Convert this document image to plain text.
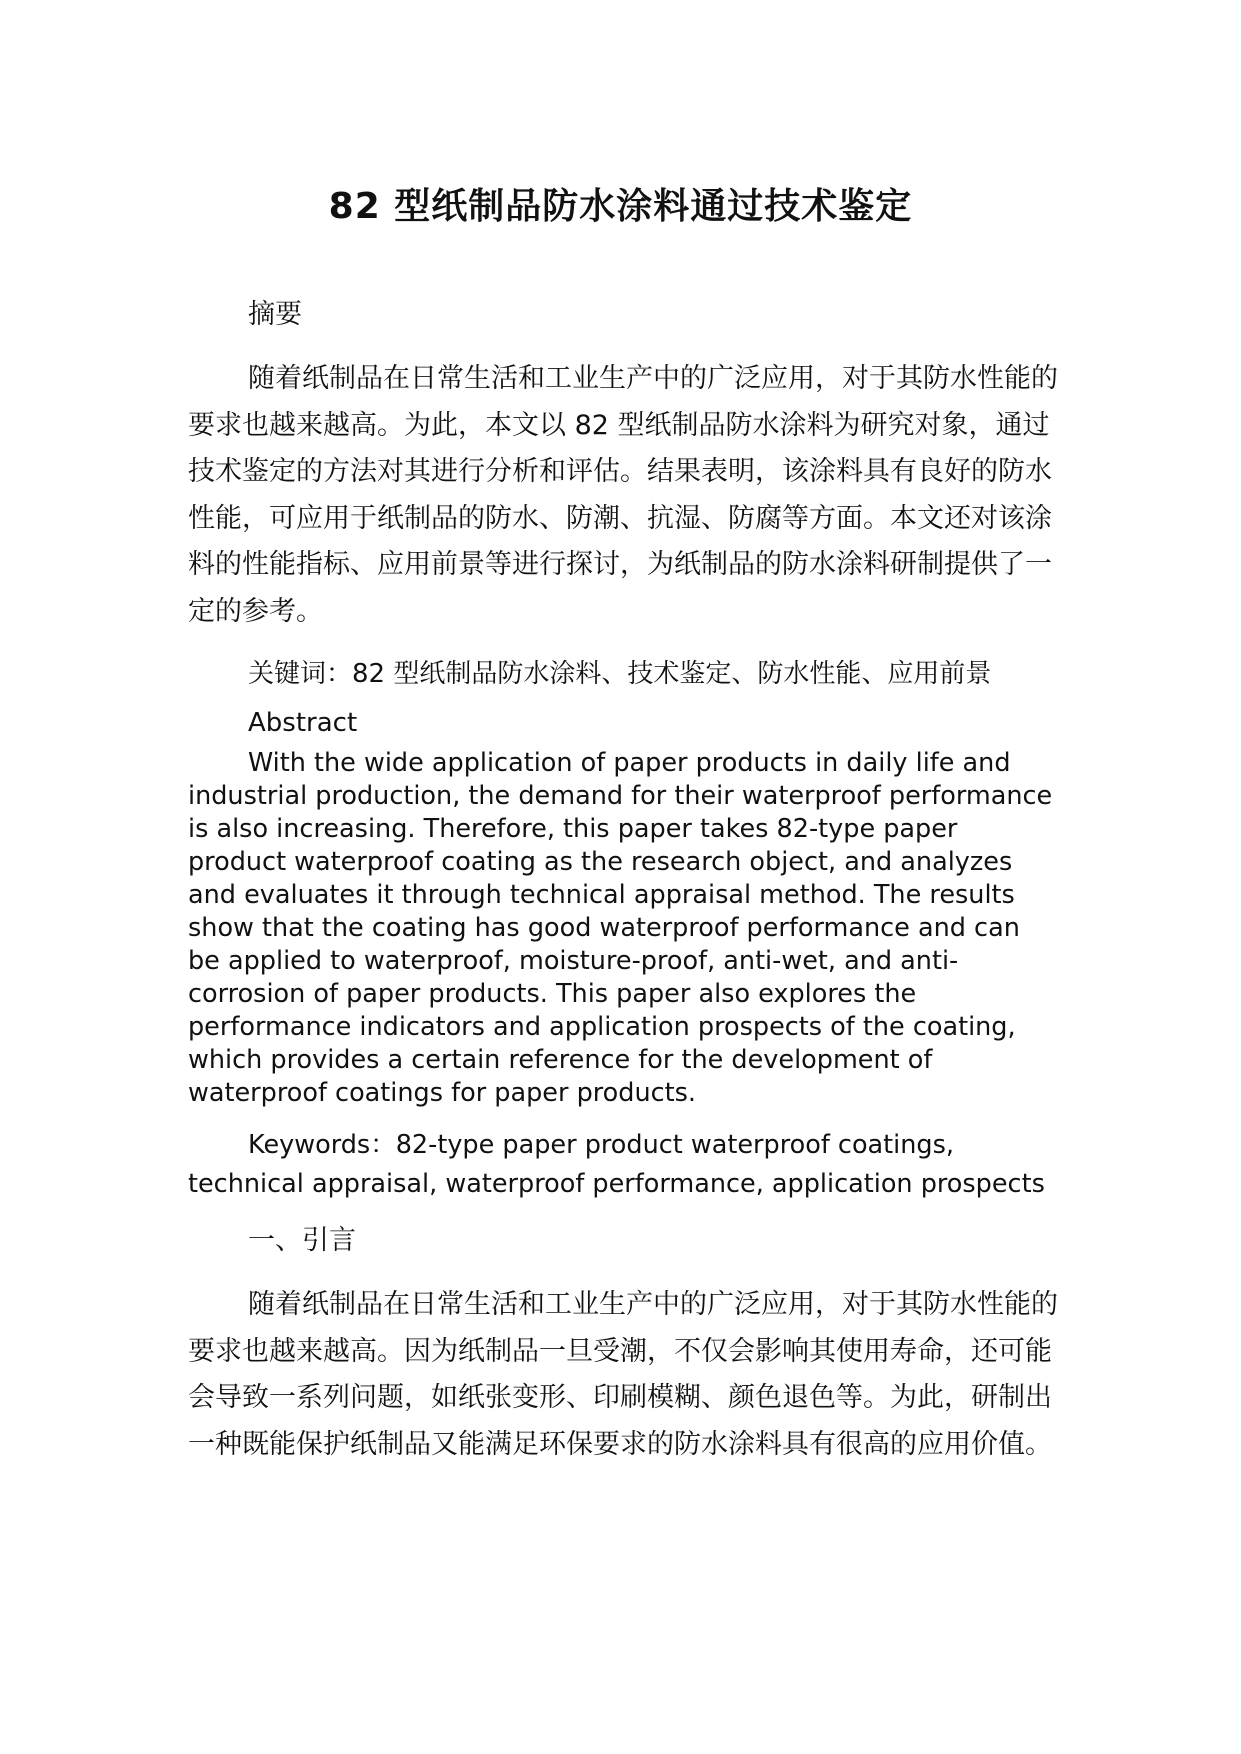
82 型纸制品防水涂料通过技术鉴定

摘要

随着纸制品在日常生活和工业生产中的广泛应用，对于其防水性能的要求也越来越高。为此，本文以 82 型纸制品防水涂料为研究对象，通过技术鉴定的方法对其进行分析和评估。结果表明，该涂料具有良好的防水性能，可应用于纸制品的防水、防潮、抗湿、防腐等方面。本文还对该涂料的性能指标、应用前景等进行探讨，为纸制品的防水涂料研制提供了一定的参考。

关键词：82 型纸制品防水涂料、技术鉴定、防水性能、应用前景

Abstract

With the wide application of paper products in daily life and industrial production, the demand for their waterproof performance is also increasing. Therefore, this paper takes 82-type paper product waterproof coating as the research object, and analyzes and evaluates it through technical appraisal method. The results show that the coating has good waterproof performance and can be applied to waterproof, moisture-proof, anti-wet, and anti-corrosion of paper products. This paper also explores the performance indicators and application prospects of the coating, which provides a certain reference for the development of waterproof coatings for paper products.

Keywords：82-type paper product waterproof coatings, technical appraisal, waterproof performance, application prospects

一、引言

随着纸制品在日常生活和工业生产中的广泛应用，对于其防水性能的要求也越来越高。因为纸制品一旦受潮，不仅会影响其使用寿命，还可能会导致一系列问题，如纸张变形、印刷模糊、颜色退色等。为此，研制出一种既能保护纸制品又能满足环保要求的防水涂料具有很高的应用价值。
